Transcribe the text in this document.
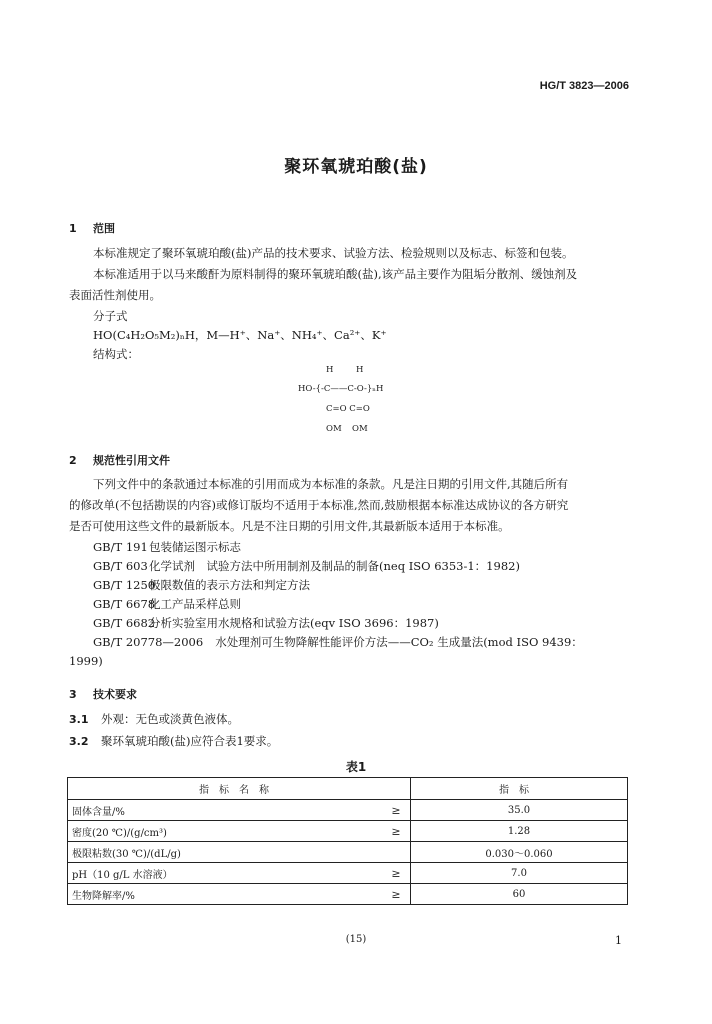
HG/T 3823—2006
聚环氧琥珀酸(盐)
1 范围
本标准规定了聚环氧琥珀酸(盐)产品的技术要求、试验方法、检验规则以及标志、标签和包装。
本标准适用于以马来酸酐为原料制得的聚环氧琥珀酸(盐),该产品主要作为阻垢分散剂、缓蚀剂及
表面活性剂使用。
分子式
HO(C₄H₂O₅M₂)ₙH，M—H⁺、Na⁺、NH₄⁺、Ca²⁺、K⁺
结构式：
H	H
HO-{-C——C-O-}ₙH
C=O C=O
OM OM
2 规范性引用文件
下列文件中的条款通过本标准的引用而成为本标准的条款。凡是注日期的引用文件,其随后所有
的修改单(不包括勘误的内容)或修订版均不适用于本标准,然而,鼓励根据本标准达成协议的各方研究
是否可使用这些文件的最新版本。凡是不注日期的引用文件,其最新版本适用于本标准。
GB/T 191包装储运图示标志
GB/T 603化学试剂　试验方法中所用制剂及制品的制备(neq ISO 6353-1：1982)
GB/T 1250极限数值的表示方法和判定方法
GB/T 6678化工产品采样总则
GB/T 6682分析实验室用水规格和试验方法(eqv ISO 3696：1987)
GB/T 20778—2006 水处理剂可生物降解性能评价方法——CO₂ 生成量法(mod ISO 9439：
1999)
3 技术要求
3.1 外观：无色或淡黄色液体。
3.2 聚环氧琥珀酸(盐)应符合表1要求。
表1
指标名称		指标
固体含量/%	≥	35.0
密度(20 ℃)/(g/cm³)	≥	1.28
极限粘数(30 ℃)/(dL/g)		0.030～0.060
pH（10 g/L 水溶液）	≥	7.0
生物降解率/%	≥	60
(15)	1
